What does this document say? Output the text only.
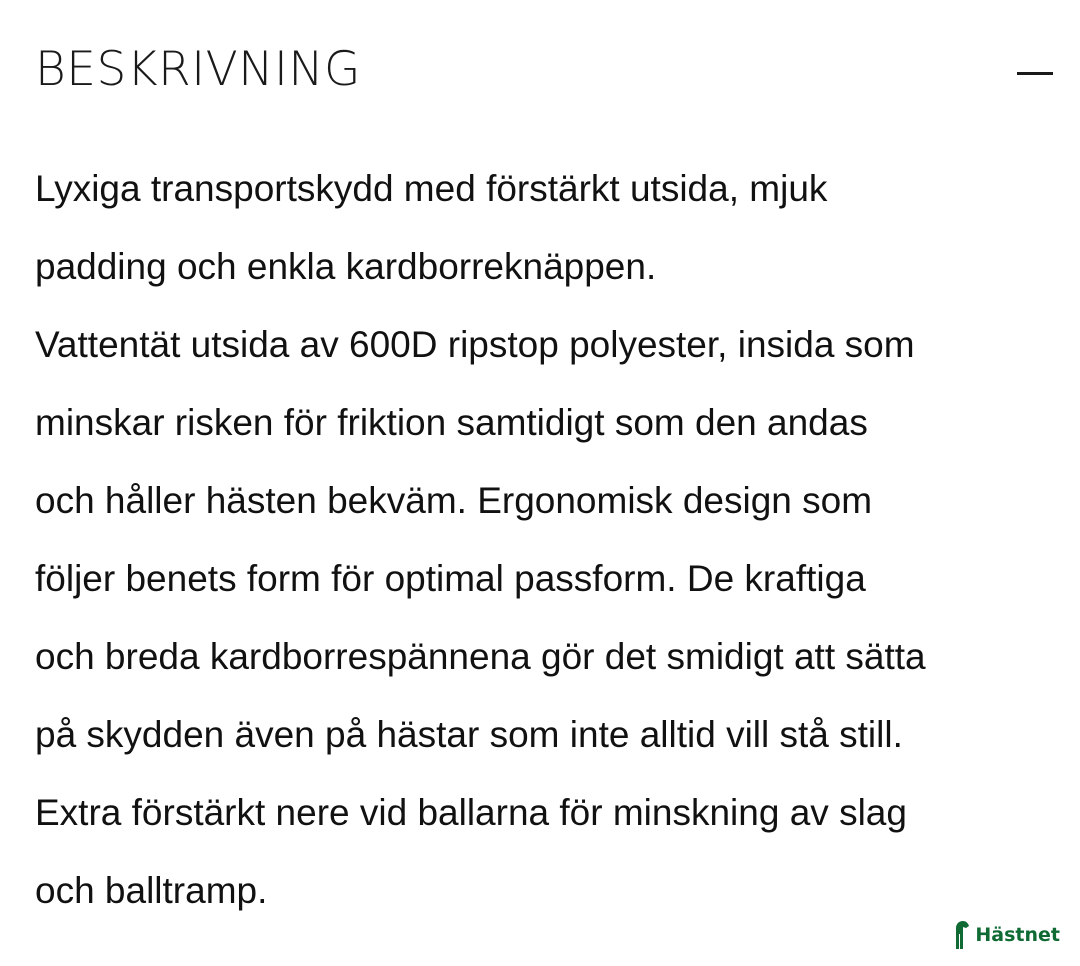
BESKRIVNING

Lyxiga transportskydd med förstärkt utsida, mjuk
padding och enkla kardborreknäppen.

Vattentät utsida av 600D ripstop polyester, insida som
minskar risken för friktion samtidigt som den andas
och håller hästen bekväm. Ergonomisk design som
följer benets form för optimal passform. De kraftiga
och breda kardborrespännena gör det smidigt att sätta
på skydden även på hästar som inte alltid vill stå still.
Extra förstärkt nere vid ballarna för minskning av slag
och balltramp.

Hästnet
